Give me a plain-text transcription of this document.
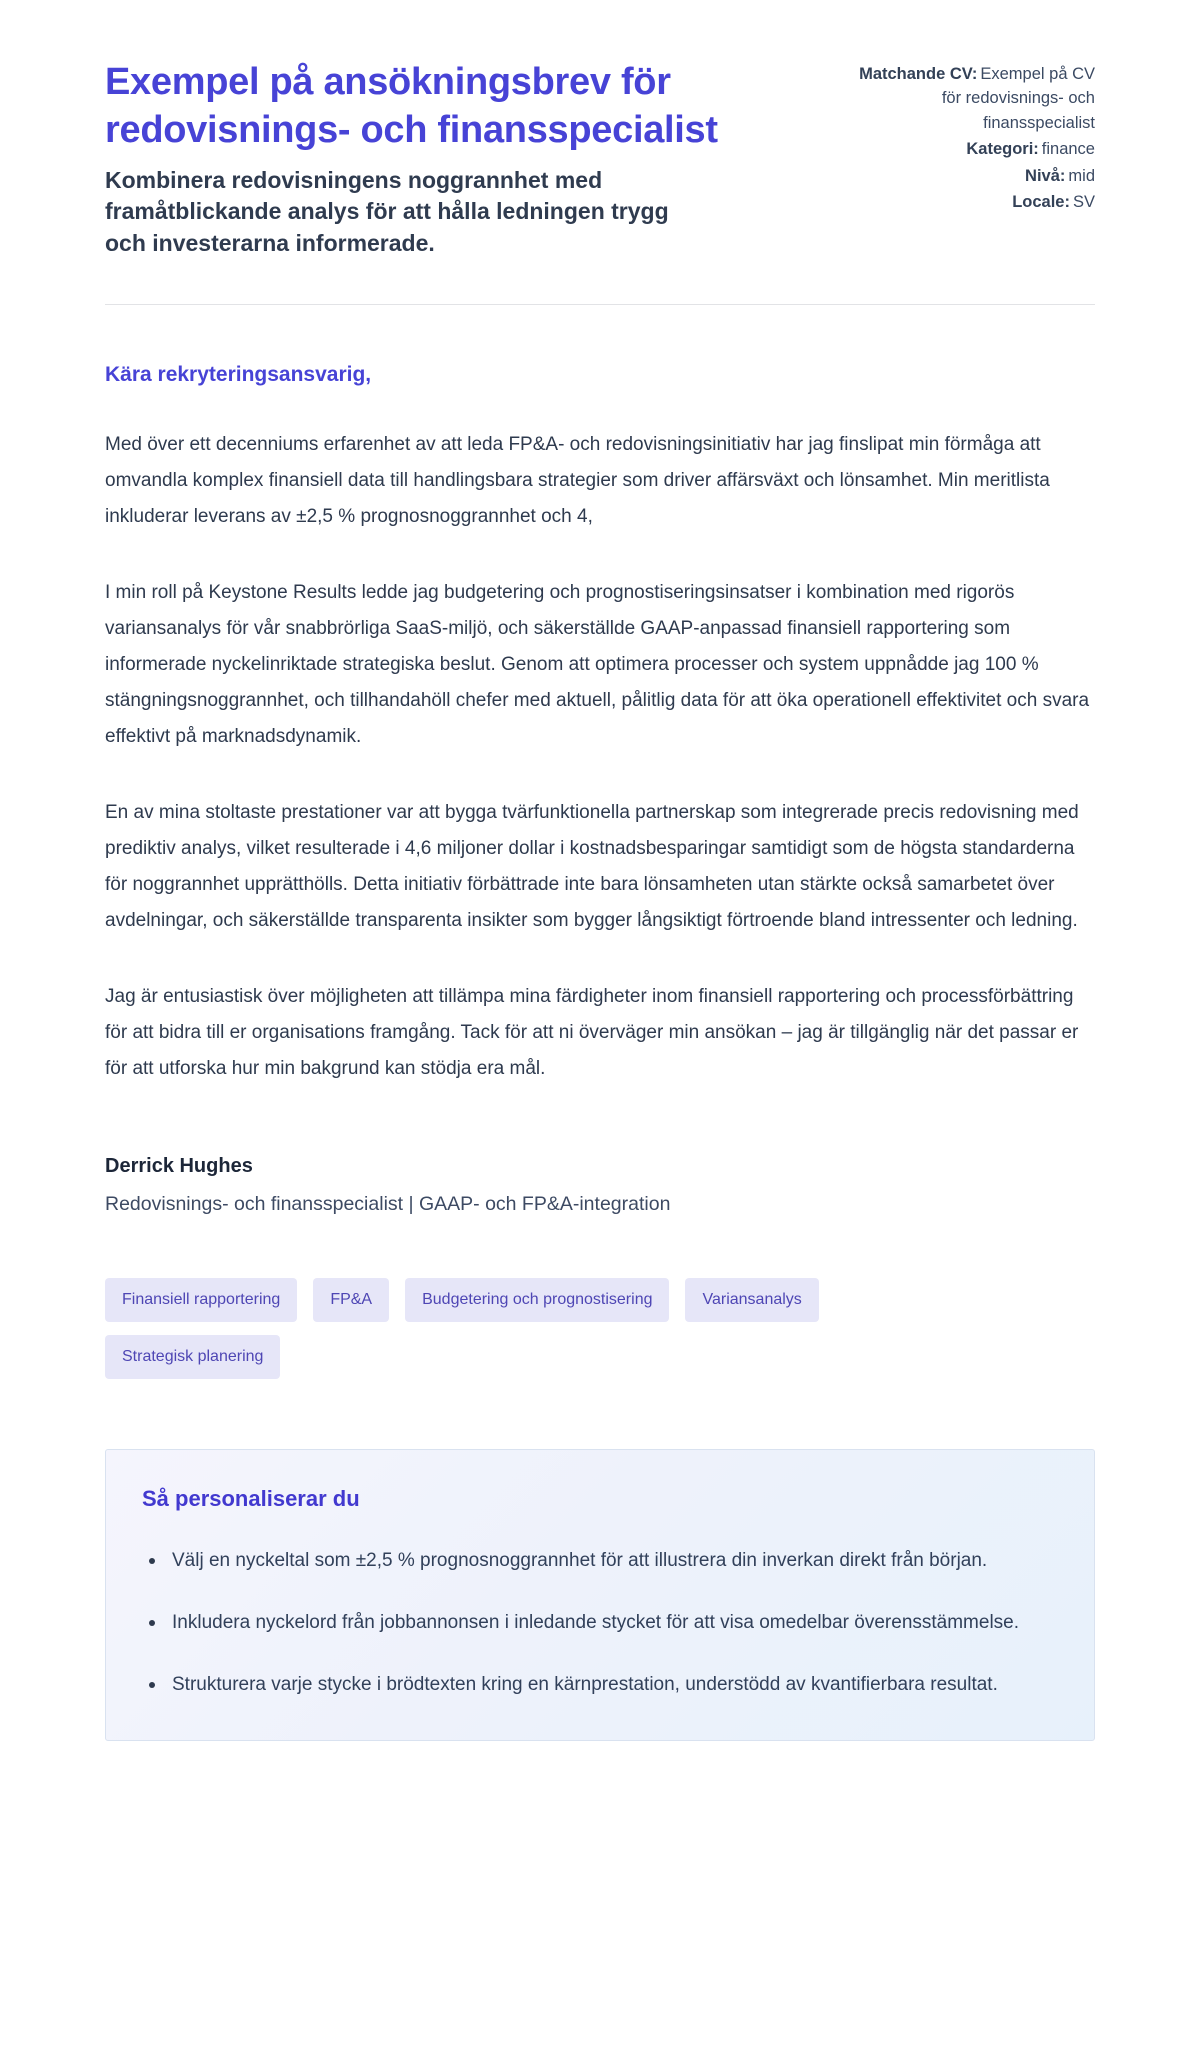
Exempel på ansökningsbrev för redovisnings- och finansspecialist

Kombinera redovisningens noggrannhet med framåtblickande analys för att hålla ledningen trygg och investerarna informerade.

Matchande CV: Exempel på CV för redovisnings- och finansspecialist
Kategori: finance
Nivå: mid
Locale: SV

Kära rekryteringsansvarig,

Med över ett decenniums erfarenhet av att leda FP&A- och redovisningsinitiativ har jag finslipat min förmåga att omvandla komplex finansiell data till handlingsbara strategier som driver affärsväxt och lönsamhet. Min meritlista inkluderar leverans av ±2,5 % prognosnoggrannhet och 4,

I min roll på Keystone Results ledde jag budgetering och prognostiseringsinsatser i kombination med rigorös variansanalys för vår snabbrörliga SaaS-miljö, och säkerställde GAAP-anpassad finansiell rapportering som informerade nyckelinriktade strategiska beslut. Genom att optimera processer och system uppnådde jag 100 % stängningsnoggrannhet, och tillhandahöll chefer med aktuell, pålitlig data för att öka operationell effektivitet och svara effektivt på marknadsdynamik.

En av mina stoltaste prestationer var att bygga tvärfunktionella partnerskap som integrerade precis redovisning med prediktiv analys, vilket resulterade i 4,6 miljoner dollar i kostnadsbesparingar samtidigt som de högsta standarderna för noggrannhet upprätthölls. Detta initiativ förbättrade inte bara lönsamheten utan stärkte också samarbetet över avdelningar, och säkerställde transparenta insikter som bygger långsiktigt förtroende bland intressenter och ledning.

Jag är entusiastisk över möjligheten att tillämpa mina färdigheter inom finansiell rapportering och processförbättring för att bidra till er organisations framgång. Tack för att ni överväger min ansökan – jag är tillgänglig när det passar er för att utforska hur min bakgrund kan stödja era mål.

Derrick Hughes

Redovisnings- och finansspecialist | GAAP- och FP&A-integration

Finansiell rapportering	FP&A	Budgetering och prognostisering	Variansanalys
Strategisk planering
Så personaliserar du
Välj en nyckeltal som ±2,5 % prognosnoggrannhet för att illustrera din inverkan direkt från början.
Inkludera nyckelord från jobbannonsen i inledande stycket för att visa omedelbar överensstämmelse.
Strukturera varje stycke i brödtexten kring en kärnprestation, understödd av kvantifierbara resultat.
